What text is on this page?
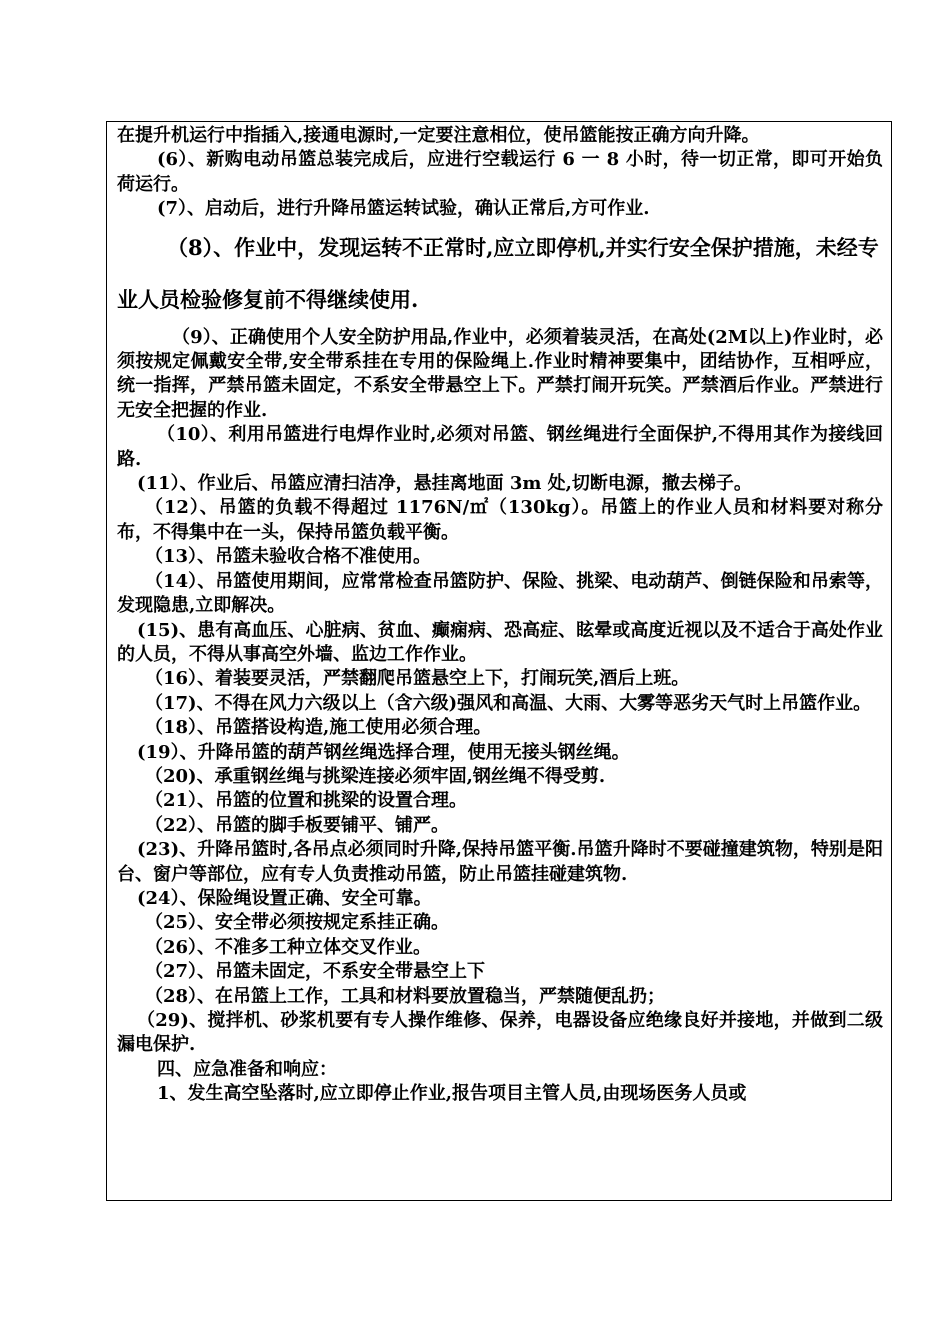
在提升机运行中指插入,接通电源时,一定要注意相位，使吊篮能按正确方向升降。

(6）、新购电动吊篮总装完成后，应进行空载运行 6 一 8 小时，待一切正常，即可开始负荷运行。

(7）、启动后，进行升降吊篮运转试验，确认正常后,方可作业.

（8）、作业中，发现运转不正常时,应立即停机,并实行安全保护措施，未经专业人员检验修复前不得继续使用.

（9）、正确使用个人安全防护用品,作业中，必须着装灵活，在高处(2M以上)作业时，必须按规定佩戴安全带,安全带系挂在专用的保险绳上.作业时精神要集中，团结协作，互相呼应，统一指挥，严禁吊篮未固定，不系安全带悬空上下。严禁打闹开玩笑。严禁酒后作业。严禁进行无安全把握的作业.

（10）、利用吊篮进行电焊作业时,必须对吊篮、钢丝绳进行全面保护,不得用其作为接线回路.

(11）、作业后、吊篮应清扫洁净，悬挂离地面 3m 处,切断电源，撤去梯子。

（12）、吊篮的负载不得超过 1176N/㎡（130kg）。吊篮上的作业人员和材料要对称分布，不得集中在一头，保持吊篮负载平衡。

（13）、吊篮未验收合格不准使用。

（14）、吊篮使用期间，应常常检查吊篮防护、保险、挑梁、电动葫芦、倒链保险和吊索等，发现隐患,立即解决。

(15)、患有高血压、心脏病、贫血、癫痫病、恐高症、眩晕或高度近视以及不适合于高处作业的人员，不得从事高空外墙、监边工作作业。

（16）、着装要灵活，严禁翻爬吊篮悬空上下，打闹玩笑,酒后上班。

（17)、不得在风力六级以上（含六级)强风和高温、大雨、大雾等恶劣天气时上吊篮作业。

（18）、吊篮搭设构造,施工使用必须合理。

(19）、升降吊篮的葫芦钢丝绳选择合理，使用无接头钢丝绳。

（20)、承重钢丝绳与挑梁连接必须牢固,钢丝绳不得受剪.

（21）、吊篮的位置和挑梁的设置合理。

（22）、吊篮的脚手板要铺平、铺严。

(23)、升降吊篮时,各吊点必须同时升降,保持吊篮平衡.吊篮升降时不要碰撞建筑物，特别是阳台、窗户等部位，应有专人负责推动吊篮，防止吊篮挂碰建筑物.

(24）、保险绳设置正确、安全可靠。

（25）、安全带必须按规定系挂正确。

（26）、不准多工种立体交叉作业。

（27）、吊篮未固定，不系安全带悬空上下

（28）、在吊篮上工作，工具和材料要放置稳当，严禁随便乱扔；

（29)、搅拌机、砂浆机要有专人操作维修、保养，电器设备应绝缘良好并接地，并做到二级漏电保护.

四、应急准备和响应：

1、发生高空坠落时,应立即停止作业,报告项目主管人员,由现场医务人员或
